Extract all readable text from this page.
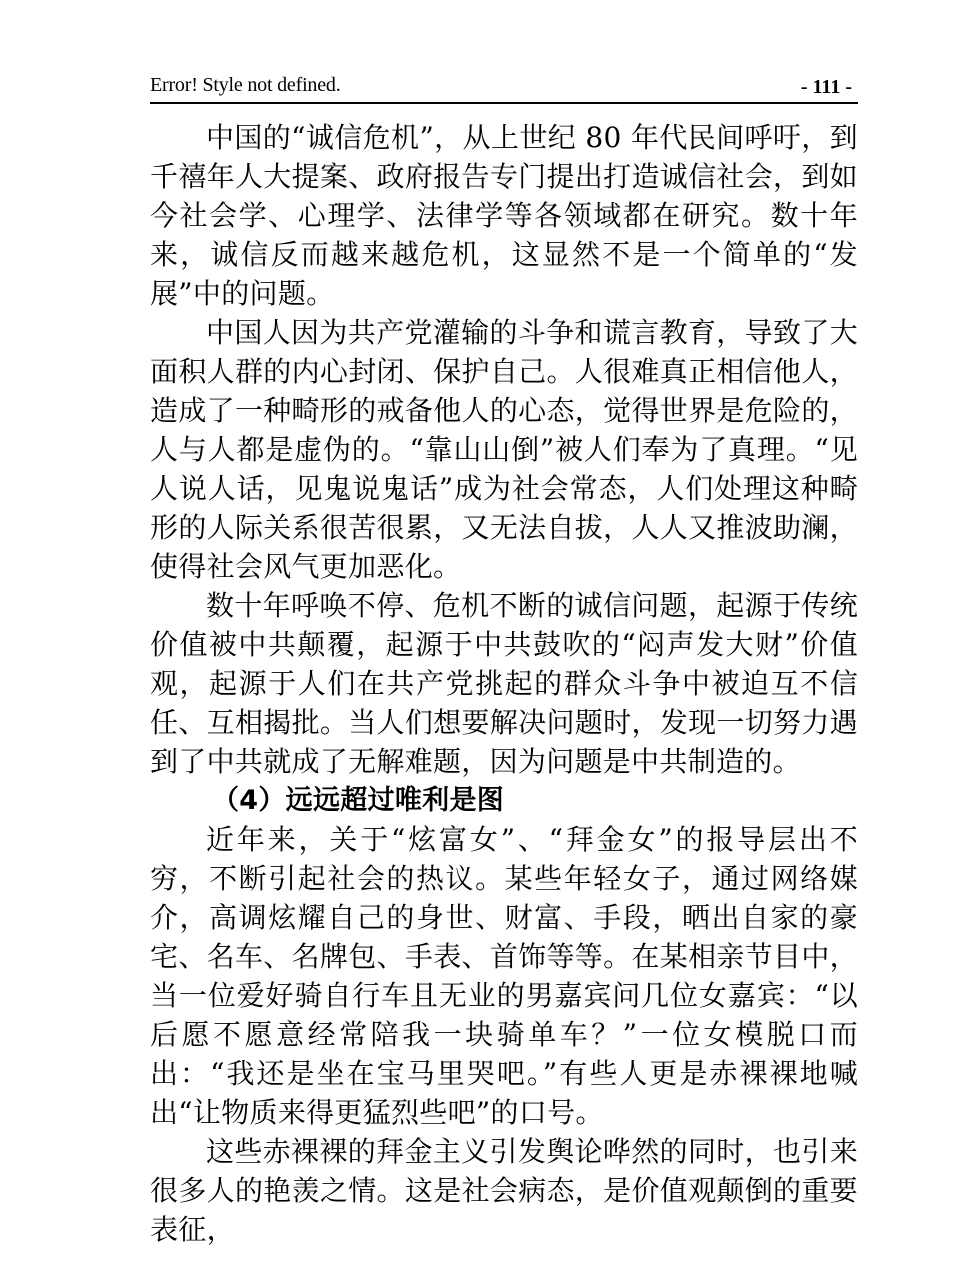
Error! Style not defined.	- 111 -

中国的“诚信危机”，从上世纪 80 年代民间呼吁，到千禧年人大提案、政府报告专门提出打造诚信社会，到如今社会学、心理学、法律学等各领域都在研究。数十年来，诚信反而越来越危机，这显然不是一个简单的“发展”中的问题。

中国人因为共产党灌输的斗争和谎言教育，导致了大面积人群的内心封闭、保护自己。人很难真正相信他人，造成了一种畸形的戒备他人的心态，觉得世界是危险的，人与人都是虚伪的。“靠山山倒”被人们奉为了真理。“见人说人话，见鬼说鬼话”成为社会常态，人们处理这种畸形的人际关系很苦很累，又无法自拔，人人又推波助澜，使得社会风气更加恶化。

数十年呼唤不停、危机不断的诚信问题，起源于传统价值被中共颠覆，起源于中共鼓吹的“闷声发大财”价值观，起源于人们在共产党挑起的群众斗争中被迫互不信任、互相揭批。当人们想要解决问题时，发现一切努力遇到了中共就成了无解难题，因为问题是中共制造的。

（4）远远超过唯利是图

近年来，关于“炫富女”、“拜金女”的报导层出不穷，不断引起社会的热议。某些年轻女子，通过网络媒介，高调炫耀自己的身世、财富、手段，晒出自家的豪宅、名车、名牌包、手表、首饰等等。在某相亲节目中，当一位爱好骑自行车且无业的男嘉宾问几位女嘉宾：“以后愿不愿意经常陪我一块骑单车？”一位女模脱口而出：“我还是坐在宝马里哭吧。”有些人更是赤裸裸地喊出“让物质来得更猛烈些吧”的口号。

这些赤裸裸的拜金主义引发舆论哗然的同时，也引来很多人的艳羡之情。这是社会病态，是价值观颠倒的重要表征，
